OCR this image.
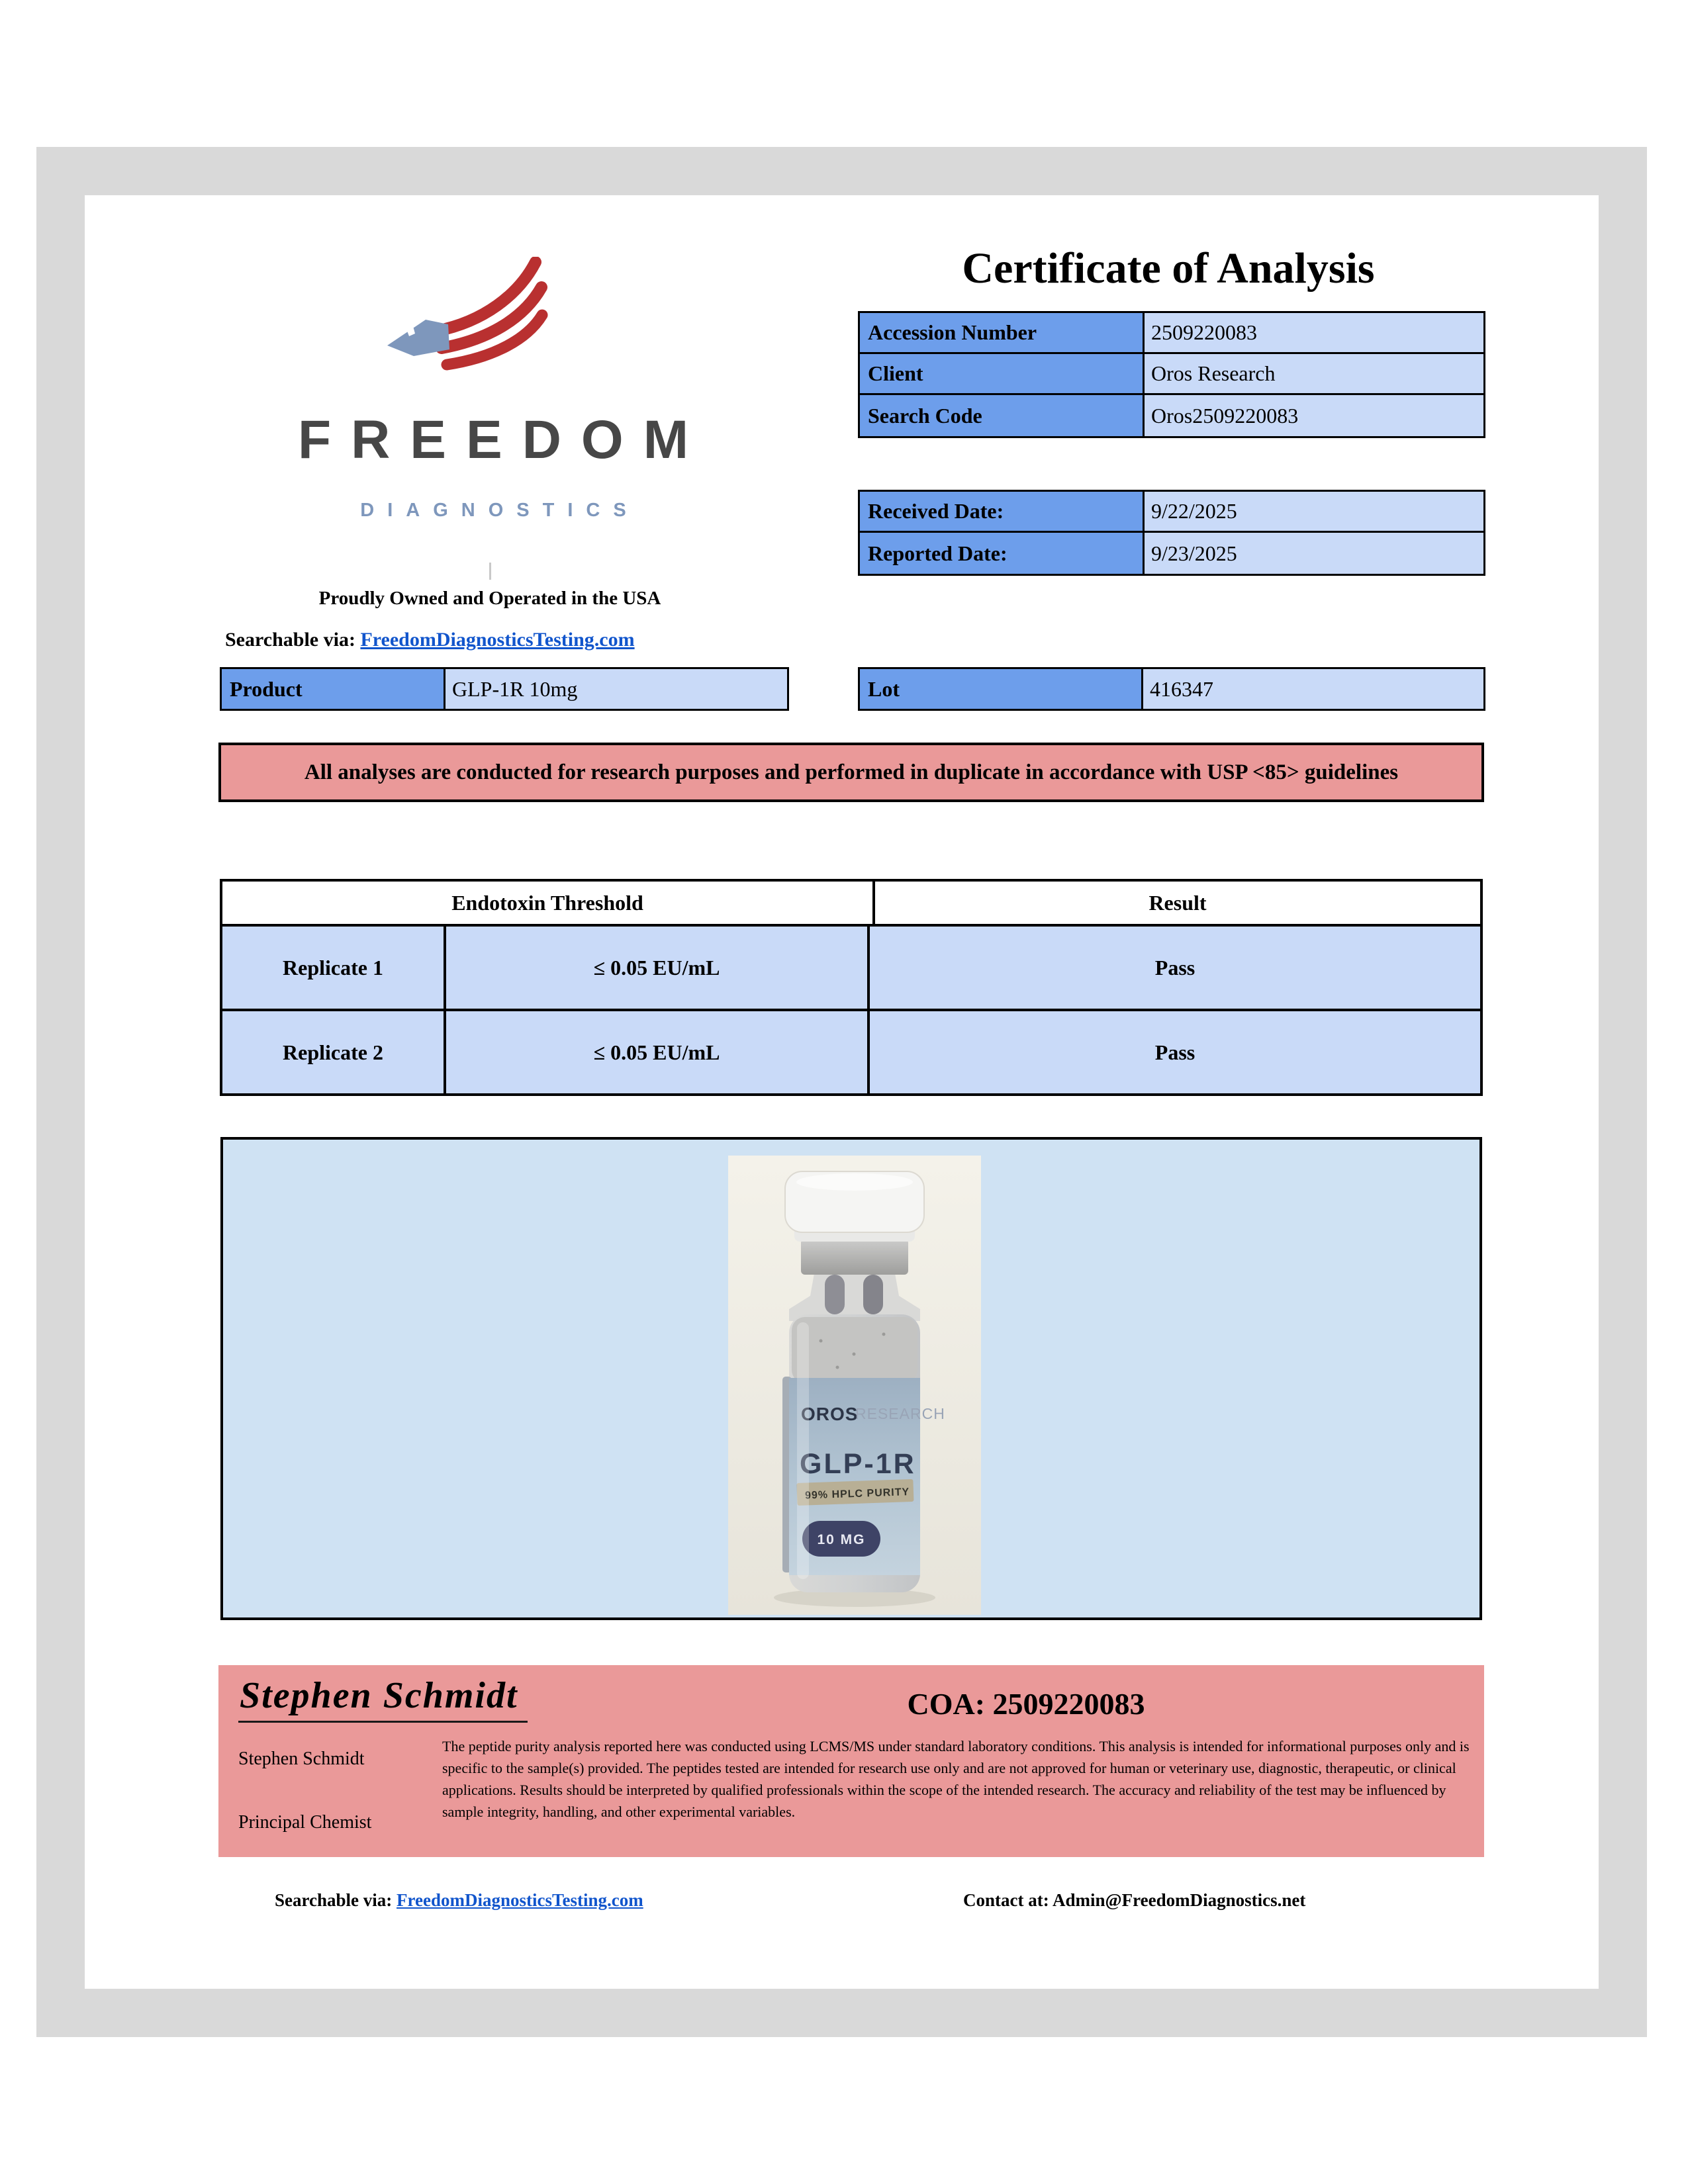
Certificate of Analysis
Accession Number	2509220083
Client	Oros Research
Search Code	Oros2509220083
Received Date:	9/22/2025
Reported Date:	9/23/2025
FREEDOM
DIAGNOSTICS
Proudly Owned and Operated in the USA
Searchable via: FreedomDiagnosticsTesting.com
Product	GLP-1R 10mg	Lot	416347
All analyses are conducted for research purposes and performed in duplicate in accordance with USP <85> guidelines
Endotoxin Threshold	Result
Replicate 1	≤ 0.05 EU/mL	Pass
Replicate 2	≤ 0.05 EU/mL	Pass
OROS
RESEARCH
GLP-1R
99% HPLC PURITY
10 MG
Stephen Schmidt	COA: 2509220083
Stephen Schmidt
Principal Chemist

The peptide purity analysis reported here was conducted using LCMS/MS under standard laboratory conditions. This analysis is intended for informational purposes only and is specific to the sample(s) provided. The peptides tested are intended for research use only and are not approved for human or veterinary use, diagnostic, therapeutic, or clinical applications. Results should be interpreted by qualified professionals within the scope of the intended research. The accuracy and reliability of the test may be influenced by sample integrity, handling, and other experimental variables.

Searchable via: FreedomDiagnosticsTesting.com	Contact at: Admin@FreedomDiagnostics.net
